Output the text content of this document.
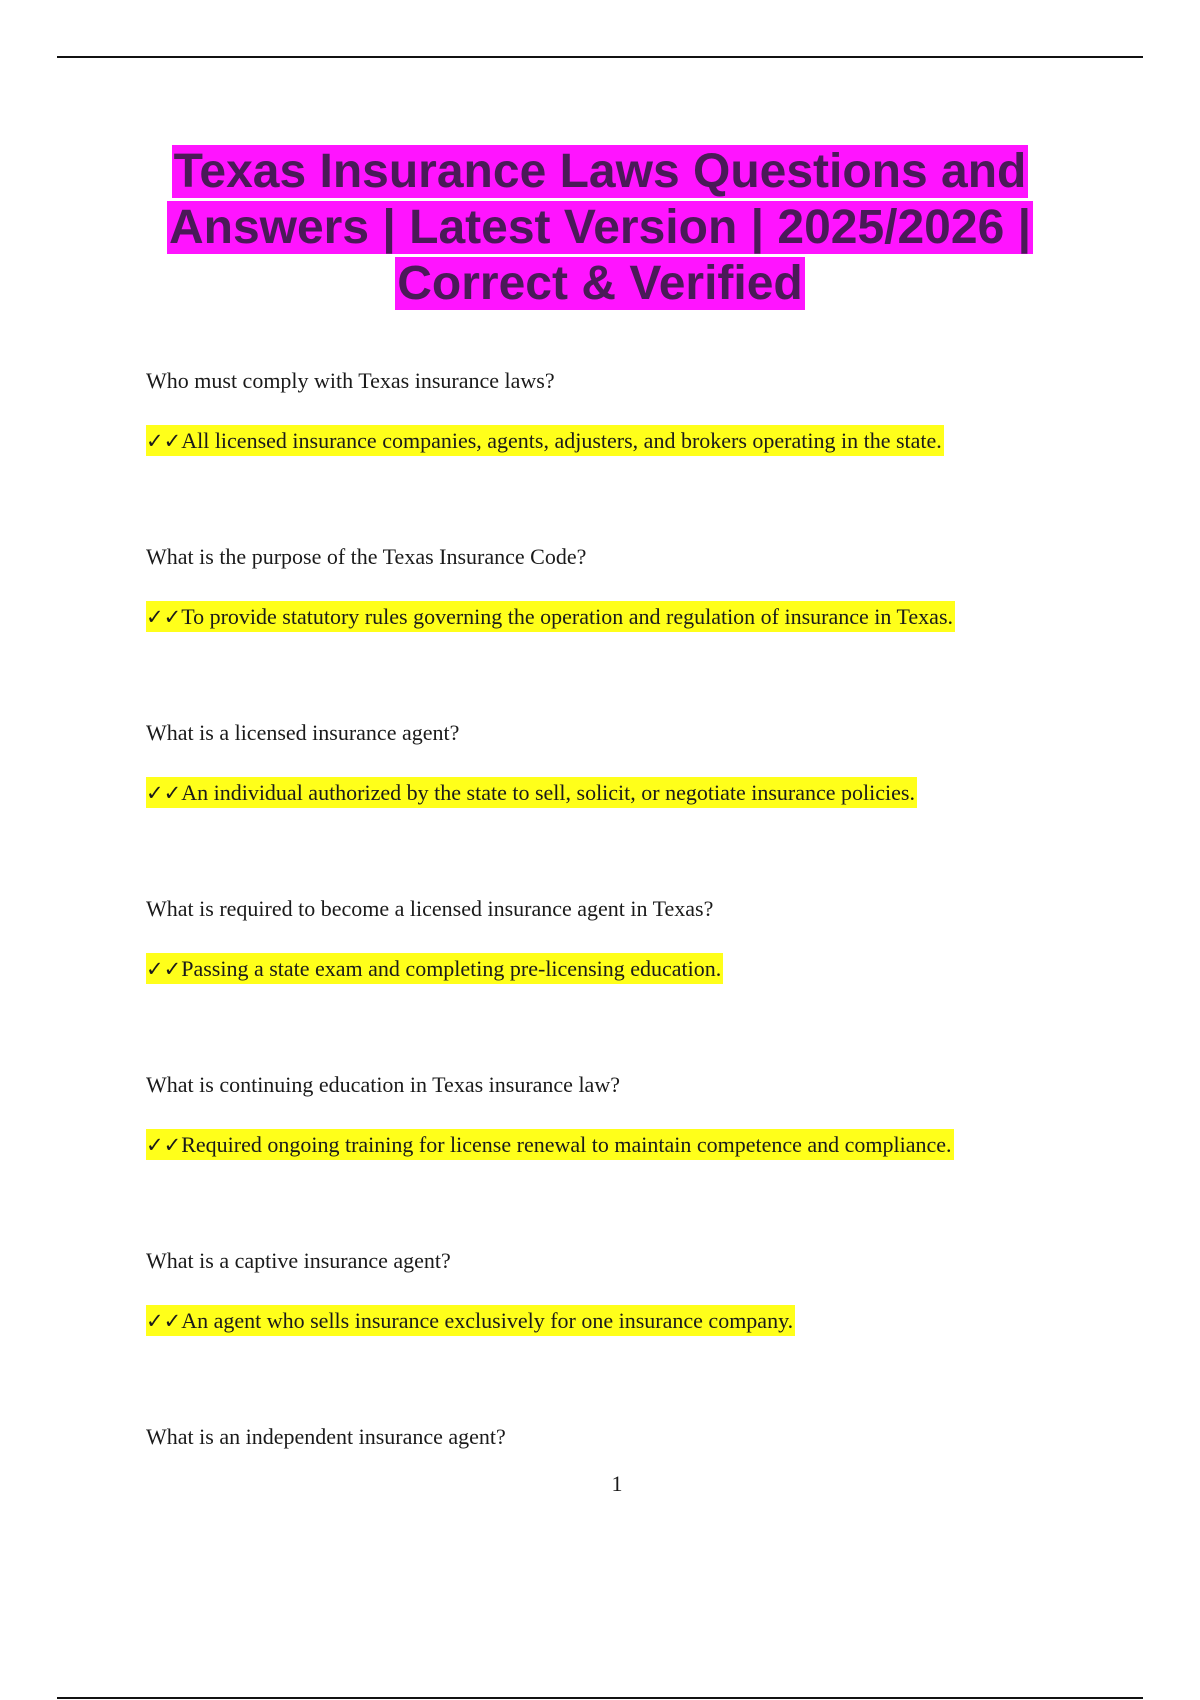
Texas Insurance Laws Questions and
Answers | Latest Version | 2025/2026 |
Correct & Verified

Who must comply with Texas insurance laws?

✓✓All licensed insurance companies, agents, adjusters, and brokers operating in the state.

What is the purpose of the Texas Insurance Code?

✓✓To provide statutory rules governing the operation and regulation of insurance in Texas.

What is a licensed insurance agent?

✓✓An individual authorized by the state to sell, solicit, or negotiate insurance policies.

What is required to become a licensed insurance agent in Texas?

✓✓Passing a state exam and completing pre-licensing education.

What is continuing education in Texas insurance law?

✓✓Required ongoing training for license renewal to maintain competence and compliance.

What is a captive insurance agent?

✓✓An agent who sells insurance exclusively for one insurance company.

What is an independent insurance agent?

1
